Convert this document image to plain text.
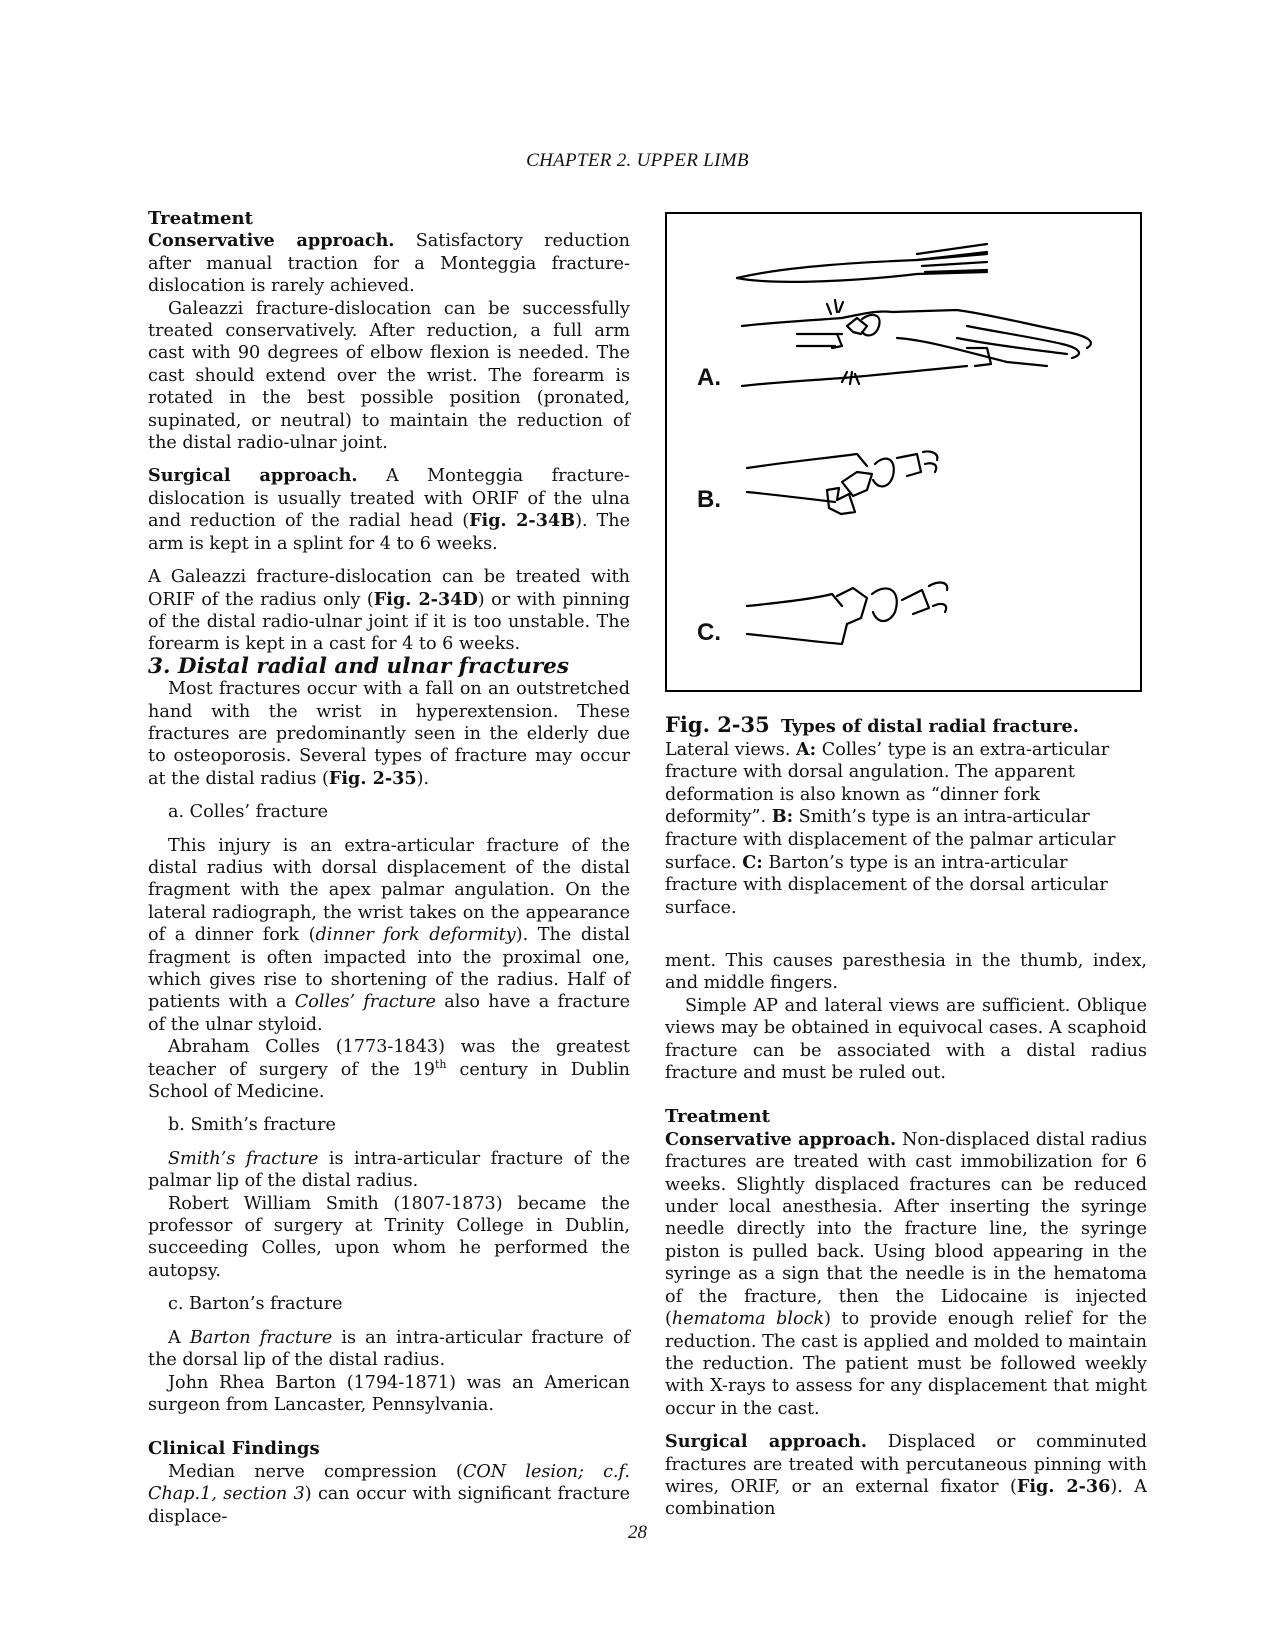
CHAPTER 2. UPPER LIMB

Treatment

Conservative approach. Satisfactory reduction after manual traction for a Monteggia fracture-dislocation is rarely achieved.

Galeazzi fracture-dislocation can be successfully treated conservatively. After reduction, a full arm cast with 90 degrees of elbow flexion is needed. The cast should extend over the wrist. The forearm is rotated in the best possible position (pronated, supinated, or neutral) to maintain the reduction of the distal radio-ulnar joint.

Surgical approach. A Monteggia fracture-dislocation is usually treated with ORIF of the ulna and reduction of the radial head (Fig. 2-34B). The arm is kept in a splint for 4 to 6 weeks.

A Galeazzi fracture-dislocation can be treated with ORIF of the radius only (Fig. 2-34D) or with pinning of the distal radio-ulnar joint if it is too unstable. The forearm is kept in a cast for 4 to 6 weeks.

3. Distal radial and ulnar fractures

Most fractures occur with a fall on an outstretched hand with the wrist in hyperextension. These fractures are predominantly seen in the elderly due to osteoporosis. Several types of fracture may occur at the distal radius (Fig. 2-35).

a. Colles’ fracture

This injury is an extra-articular fracture of the distal radius with dorsal displacement of the distal fragment with the apex palmar angulation. On the lateral radiograph, the wrist takes on the appearance of a dinner fork (dinner fork deformity). The distal fragment is often impacted into the proximal one, which gives rise to shortening of the radius. Half of patients with a Colles’ fracture also have a fracture of the ulnar styloid.

Abraham Colles (1773-1843) was the greatest teacher of surgery of the 19th century in Dublin School of Medicine.

b. Smith’s fracture

Smith’s fracture is intra-articular fracture of the palmar lip of the distal radius.

Robert William Smith (1807-1873) became the professor of surgery at Trinity College in Dublin, succeeding Colles, upon whom he performed the autopsy.

c. Barton’s fracture

A Barton fracture is an intra-articular fracture of the dorsal lip of the distal radius.

John Rhea Barton (1794-1871) was an American surgeon from Lancaster, Pennsylvania.

Clinical Findings

Median nerve compression (CON lesion; c.f. Chap.1, section 3) can occur with significant fracture displace-

A.
B.
C.
Fig. 2-35 Types of distal radial fracture. Lateral views. A: Colles’ type is an extra-articular fracture with dorsal angulation. The apparent deformation is also known as “dinner fork deformity”. B: Smith’s type is an intra-articular fracture with displacement of the palmar articular surface. C: Barton’s type is an intra-articular fracture with displacement of the dorsal articular surface.

ment. This causes paresthesia in the thumb, index, and middle fingers.

Simple AP and lateral views are sufficient. Oblique views may be obtained in equivocal cases. A scaphoid fracture can be associated with a distal radius fracture and must be ruled out.

Treatment

Conservative approach. Non-displaced distal radius fractures are treated with cast immobilization for 6 weeks. Slightly displaced fractures can be reduced under local anesthesia. After inserting the syringe needle directly into the fracture line, the syringe piston is pulled back. Using blood appearing in the syringe as a sign that the needle is in the hematoma of the fracture, then the Lidocaine is injected (hematoma block) to provide enough relief for the reduction. The cast is applied and molded to maintain the reduction. The patient must be followed weekly with X-rays to assess for any displacement that might occur in the cast.

Surgical approach. Displaced or comminuted fractures are treated with percutaneous pinning with wires, ORIF, or an external fixator (Fig. 2-36). A combination

28
